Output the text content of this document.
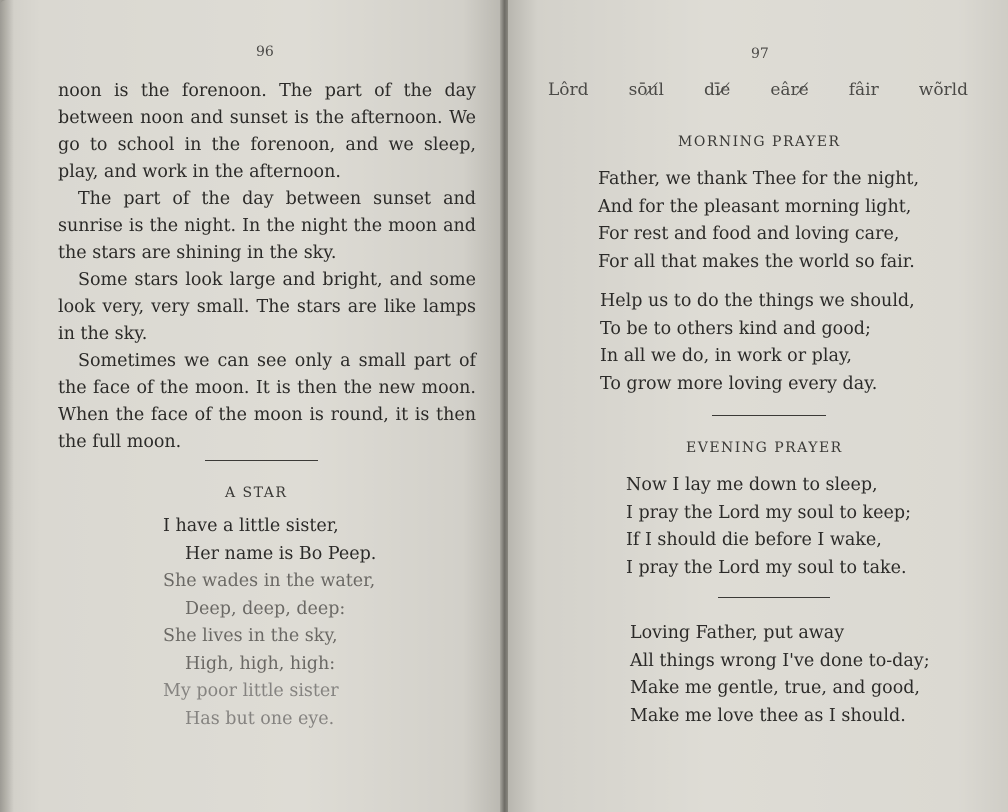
96

noon is the forenoon. The part of the day between noon and sunset is the afternoon. We go to school in the forenoon, and we sleep, play, and work in the afternoon.

The part of the day between sunset and sunrise is the night. In the night the moon and the stars are shining in the sky.

Some stars look large and bright, and some look very, very small. The stars are like lamps in the sky.

Sometimes we can see only a small part of the face of the moon. It is then the new moon. When the face of the moon is round, it is then the full moon.

A STAR
I have a little sister,
Her name is Bo Peep.
She wades in the water,
Deep, deep, deep:
She lives in the sky,
High, high, high:
My poor little sister
Has but one eye.
97
Lôrd sōu̸l dīe̸ eâre̸ fâir wõrld
MORNING PRAYER
Father, we thank Thee for the night,
And for the pleasant morning light,
For rest and food and loving care,
For all that makes the world so fair.
Help us to do the things we should,
To be to others kind and good;
In all we do, in work or play,
To grow more loving every day.
EVENING PRAYER
Now I lay me down to sleep,
I pray the Lord my soul to keep;
If I should die before I wake,
I pray the Lord my soul to take.
Loving Father, put away
All things wrong I've done to-day;
Make me gentle, true, and good,
Make me love thee as I should.
